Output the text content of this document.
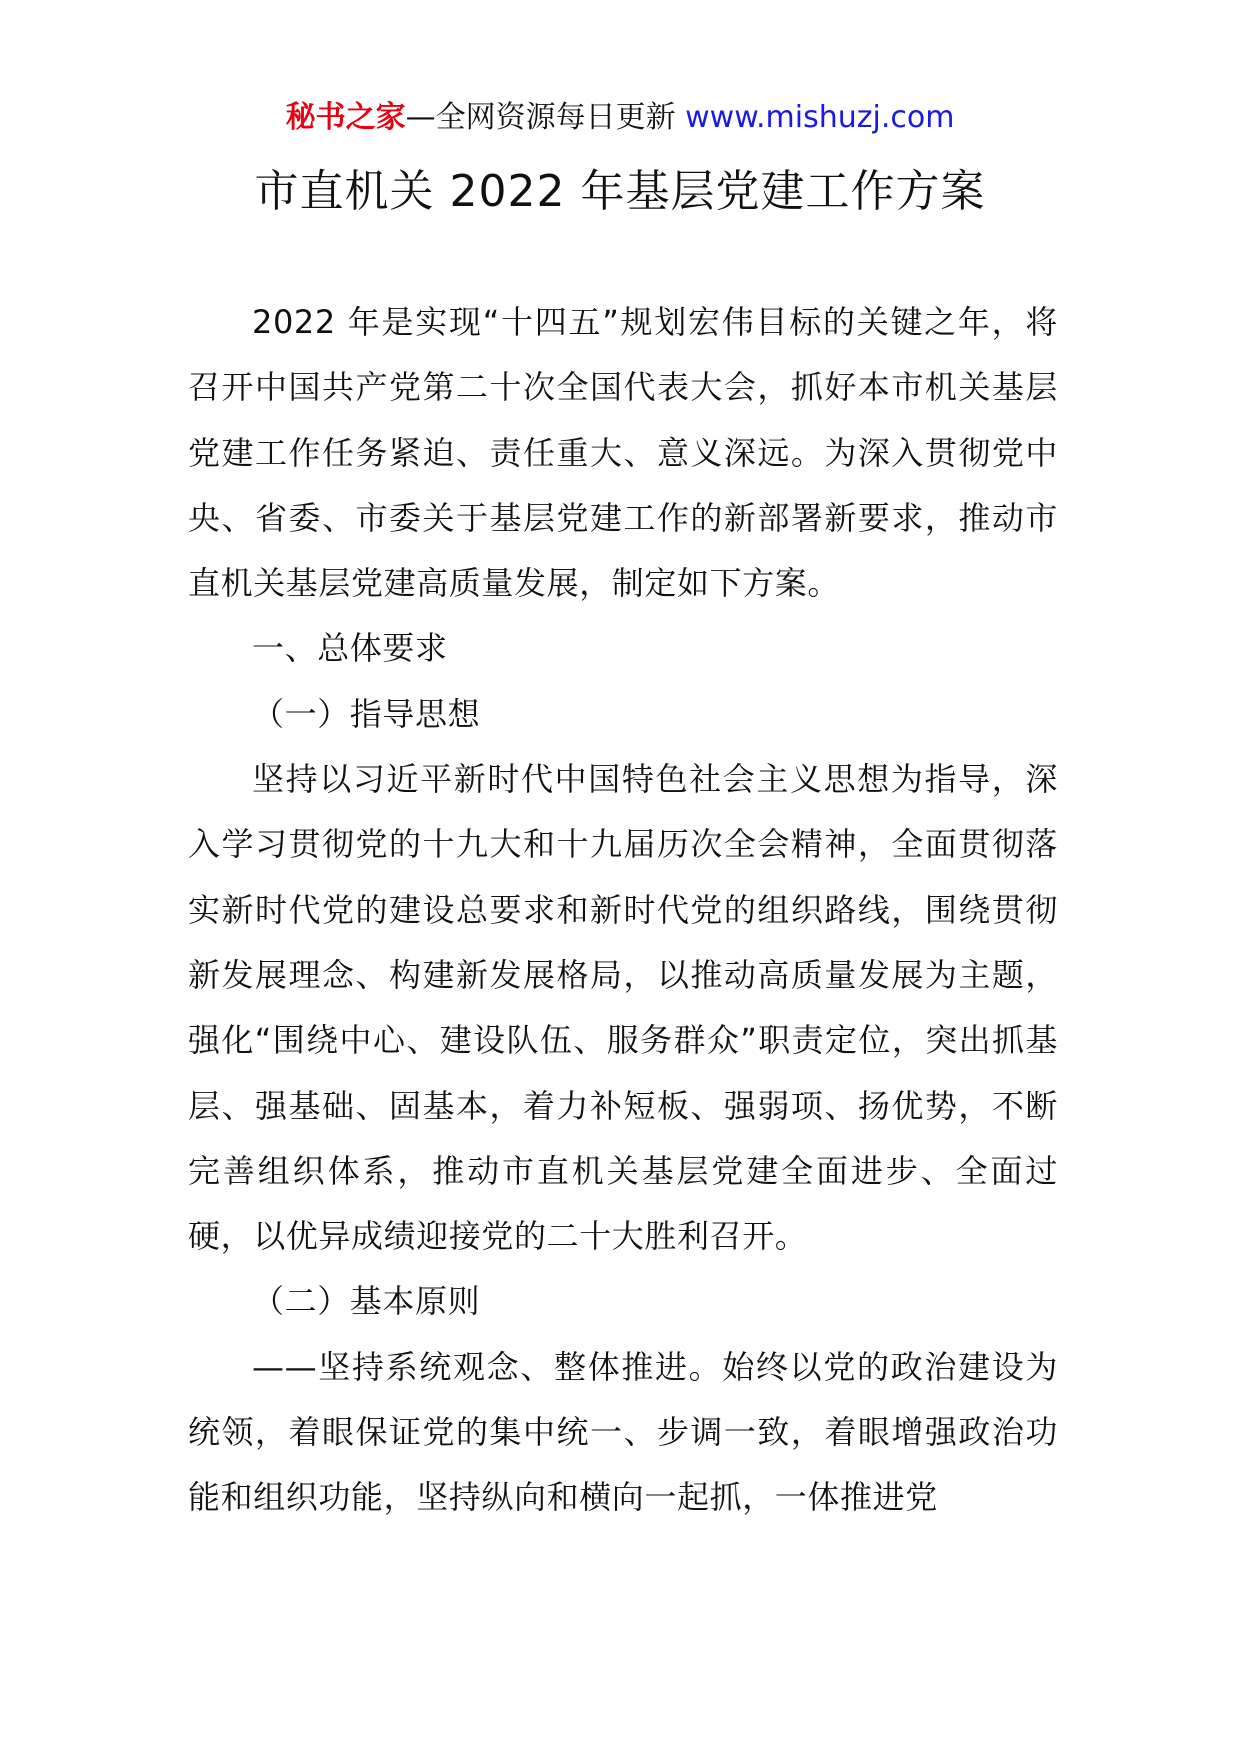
秘书之家—全网资源每日更新 www.mishuzj.com
市直机关 2022 年基层党建工作方案

2022 年是实现“十四五”规划宏伟目标的关键之年，将召开中国共产党第二十次全国代表大会，抓好本市机关基层党建工作任务紧迫、责任重大、意义深远。为深入贯彻党中央、省委、市委关于基层党建工作的新部署新要求，推动市直机关基层党建高质量发展，制定如下方案。

一、总体要求

（一）指导思想

坚持以习近平新时代中国特色社会主义思想为指导，深入学习贯彻党的十九大和十九届历次全会精神，全面贯彻落实新时代党的建设总要求和新时代党的组织路线，围绕贯彻新发展理念、构建新发展格局，以推动高质量发展为主题，强化“围绕中心、建设队伍、服务群众”职责定位，突出抓基层、强基础、固基本，着力补短板、强弱项、扬优势，不断完善组织体系，推动市直机关基层党建全面进步、全面过硬，以优异成绩迎接党的二十大胜利召开。

（二）基本原则

——坚持系统观念、整体推进。始终以党的政治建设为统领，着眼保证党的集中统一、步调一致，着眼增强政治功能和组织功能，坚持纵向和横向一起抓，一体推进党
